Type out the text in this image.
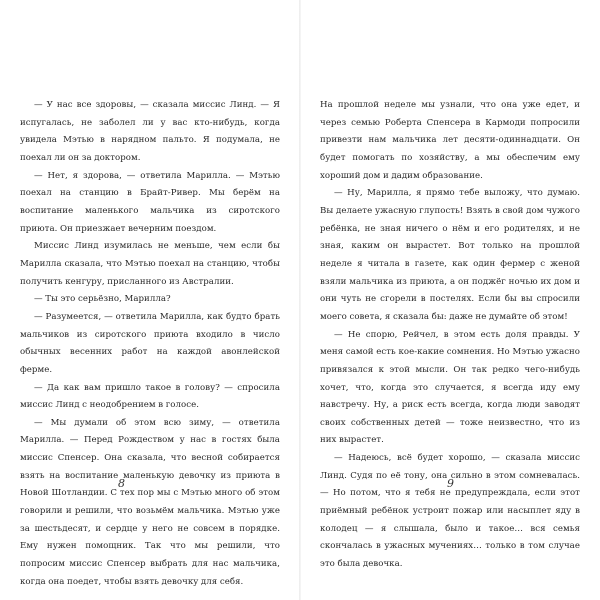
— У нас все здоровы, — сказала миссис Линд. — Я испугалась, не заболел ли у вас кто-нибудь, когда увидела Мэтью в нарядном пальто. Я подумала, не поехал ли он за доктором.

— Нет, я здорова, — ответила Марилла. — Мэтью поехал на станцию в Брайт-Ривер. Мы берём на воспитание маленького мальчика из сиротского приюта. Он приезжает вечерним поездом.

Миссис Линд изумилась не меньше, чем если бы Марилла сказала, что Мэтью поехал на станцию, чтобы получить кенгуру, присланного из Австралии.

— Ты это серьёзно, Марилла?

— Разумеется, — ответила Марилла, как будто брать мальчиков из сиротского приюта входило в число обычных весенних работ на каждой авонлейской ферме.

— Да как вам пришло такое в голову? — спросила миссис Линд с неодобрением в голосе.

— Мы думали об этом всю зиму, — ответила Марилла. — Перед Рождеством у нас в гостях была миссис Спенсер. Она сказала, что весной собирается взять на воспитание маленькую девочку из приюта в Новой Шотландии. С тех пор мы с Мэтью много об этом говорили и решили, что возьмём мальчика. Мэтью уже за шестьдесят, и сердце у него не совсем в порядке. Ему нужен помощник. Так что мы решили, что попросим миссис Спенсер выбрать для нас мальчика, когда она поедет, чтобы взять девочку для себя.

8

На прошлой неделе мы узнали, что она уже едет, и через семью Роберта Спенсера в Кармоди попросили привезти нам мальчика лет десяти-одиннадцати. Он будет помогать по хозяйству, а мы обеспечим ему хороший дом и дадим образование.

— Ну, Марилла, я прямо тебе выложу, что думаю. Вы делаете ужасную глупость! Взять в свой дом чужого ребёнка, не зная ничего о нём и его родителях, и не зная, каким он вырастет. Вот только на прошлой неделе я читала в газете, как один фермер с женой взяли мальчика из приюта, а он поджёг ночью их дом и они чуть не сгорели в постелях. Если бы вы спросили моего совета, я сказала бы: даже не думайте об этом!

— Не спорю, Рейчел, в этом есть доля правды. У меня самой есть кое-какие сомнения. Но Мэтью ужасно привязался к этой мысли. Он так редко чего-нибудь хочет, что, когда это случается, я всегда иду ему навстречу. Ну, а риск есть всегда, когда люди заводят своих собственных детей — тоже неизвестно, что из них вырастет.

— Надеюсь, всё будет хорошо, — сказала миссис Линд. Судя по её тону, она сильно в этом сомневалась. — Но потом, что я тебя не предупреждала, если этот приёмный ребёнок устроит пожар или насыплет яду в колодец — я слышала, было и такое… вся семья скончалась в ужасных мучениях… только в том случае это была девочка.

9
